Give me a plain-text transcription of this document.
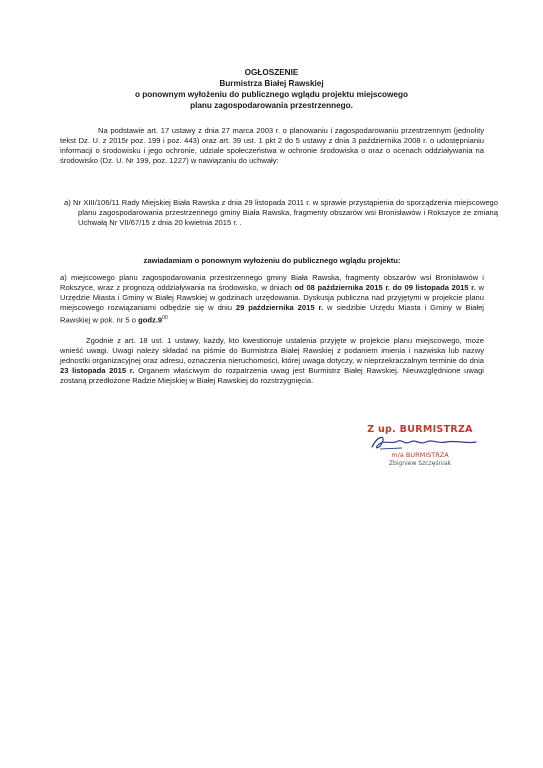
OGŁOSZENIE
Burmistrza Białej Rawskiej
o ponownym wyłożeniu do publicznego wglądu projektu miejscowego
planu zagospodarowania przestrzennego.

Na podstawie art. 17 ustawy z dnia 27 marca 2003 r. o planowaniu i zagospodarowaniu przestrzennym (jednolity tekst Dz. U. z 2015r poz. 199 i poz. 443) oraz art. 39 ust. 1 pkt 2 do 5 ustawy z dnia 3 października 2008 r. o udostępnianiu informacji o środowisku i jego ochronie, udziale społeczeństwa w ochronie środowiska o oraz o ocenach oddziaływania na środowisko (Dz. U. Nr 199, poz. 1227) w nawiązaniu do uchwały:

a) Nr XIII/106/11 Rady Miejskiej Biała Rawska z dnia 29 listopada 2011 r. w sprawie przystąpienia do sporządzenia miejscowego planu zagospodarowania przestrzennego gminy Biała Rawska, fragmenty obszarów wsi Bronisławów i Rokszyce ze zmianą Uchwałą Nr VII/67/15 z dnia 20 kwietnia 2015 r. .

zawiadamiam o ponownym wyłożeniu do publicznego wglądu projektu:

a) miejscowego planu zagospodarowania przestrzennego gminy Biała Rawska, fragmenty obszarów wsi Bronisławów i Rokszyce, wraz z prognozą oddziaływania na środowisko, w dniach od 08 października 2015 r. do 09 listopada 2015 r. w Urzędzie Miasta i Gminy w Białej Rawskiej w godzinach urzędowania. Dyskusja publiczna nad przyjętymi w projekcie planu miejscowego rozwiązaniami odbędzie się w dniu 29 października 2015 r. w siedzibie Urzędu Miasta i Gminy w Białej Rawskiej w pok. nr 5 o $godz.9^{00}$

Zgodnie z art. 18 ust. 1 ustawy, każdy, kto kwestionuje ustalenia przyjęte w projekcie planu miejscowego, może wnieść uwagi. Uwagi należy składać na piśmie do Burmistrza Białej Rawskiej z podaniem imienia i nazwiska lub nazwy jednostki organizacyjnej oraz adresu, oznaczenia nieruchomości, której uwaga dotyczy, w nieprzekraczalnym terminie do dnia 23 listopada 2015 r. Organem właściwym do rozpatrzenia uwag jest Burmistrz Białej Rawskiej. Nieuwzględnione uwagi zostaną przedłożone Radzie Miejskiej w Białej Rawskiej do rozstrzygnięcia.

Z up. BURMISTRZA
m/a BURMISTRZA
Zbigniew Szczęśniak
